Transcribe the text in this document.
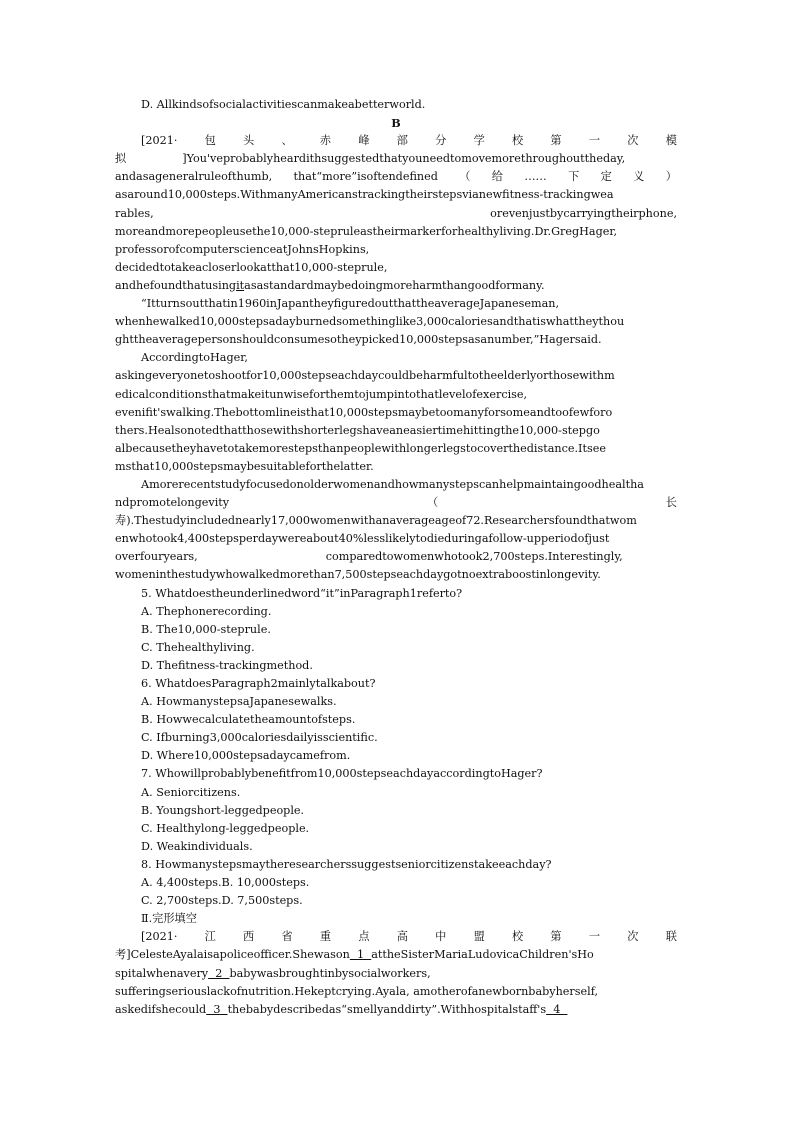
D. Allkindsofsocialactivitiescanmakeabetterworld.
B
[2021· 包 头 、 赤 峰 部 分 学 校 第 一 次 模
拟	]You'veprobablyheardithsuggestedthatyouneedtomovemorethroughouttheday,
andasageneralruleofthumb, that“more”isoftendefined （ 给 …… 下 定 义 ）
asaround10,000steps.WithmanyAmericanstrackingtheirstepsvianewfitness-trackingwea
rables,	orevenjustbycarryingtheirphone,
moreandmorepeopleusethe10,000-stepruleastheirmarkerforhealthyliving.Dr.GregHager,
professorofcomputerscienceatJohnsHopkins,
decidedtotakeacloserlookatthat10,000-steprule,
andhefoundthatusingitasastandardmaybedoingmoreharmthangoodformany.
“Itturnsoutthatin1960inJapantheyfiguredoutthattheaverageJapaneseman,
whenhewalked10,000stepsadayburnedsomethinglike3,000caloriesandthatiswhattheythou
ghttheaveragepersonshouldconsumesotheypicked10,000stepsasanumber,”Hagersaid.
AccordingtoHager,
askingeveryonetoshootfor10,000stepseachdaycouldbeharmfultotheelderlyorthosewithm
edicalconditionsthatmakeitunwiseforthemtojumpintothatlevelofexercise,
evenifit'swalking.Thebottomlineisthat10,000stepsmaybetoomanyforsomeandtoofewforo
thers.Healsonotedthatthosewithshorterlegshaveaneasiertimehittingthe10,000-stepgo
albecausetheyhavetotakemorestepsthanpeoplewithlongerlegstocoverthedistance.Itsee
msthat10,000stepsmaybesuitableforthelatter.
Amorerecentstudyfocusedonolderwomenandhowmanystepscanhelpmaintaingoodhealtha
ndpromotelongevity	（	长
寿).Thestudyincludednearly17,000womenwithanaverageageof72.Researchersfoundthatwom
enwhotook4,400stepsperdaywereabout40%lesslikelytodieduringafollow-upperiodofjust
overfouryears,	comparedtowomenwhotook2,700steps.Interestingly,
womeninthestudywhowalkedmorethan7,500stepseachdaygotnoextraboostinlongevity.
5. Whatdoestheunderlinedword“it”inParagraph1referto?
A. Thephonerecording.
B. The10,000-steprule.
C. Thehealthyliving.
D. Thefitness-trackingmethod.
6. WhatdoesParagraph2mainlytalkabout?
A. HowmanystepsaJapanesewalks.
B. Howwecalculatetheamountofsteps.
C. Ifburning3,000caloriesdailyisscientific.
D. Where10,000stepsadaycamefrom.
7. Whowillprobablybenefitfrom10,000stepseachdayaccordingtoHager?
A. Seniorcitizens.
B. Youngshort-leggedpeople.
C. Healthylong-leggedpeople.
D. Weakindividuals.
8. Howmanystepsmaytheresearcherssuggestseniorcitizenstakeeachday?
A. 4,400steps.B. 10,000steps.
C. 2,700steps.D. 7,500steps.
Ⅱ.完形填空
[2021· 江 西 省 重 点 高 中 盟 校 第 一 次 联
考]CelesteAyalaisapoliceofficer.Shewason  1  attheSisterMariaLudovicaChildren'sHo
spitalwhenavery  2  babywasbroughtinbysocialworkers,
sufferingseriouslackofnutrition.Hekeptcrying.Ayala, amotherofanewbornbabyherself,
askedifshecould  3  thebabydescribedas“smellyanddirty”.Withhospitalstaff's  4
